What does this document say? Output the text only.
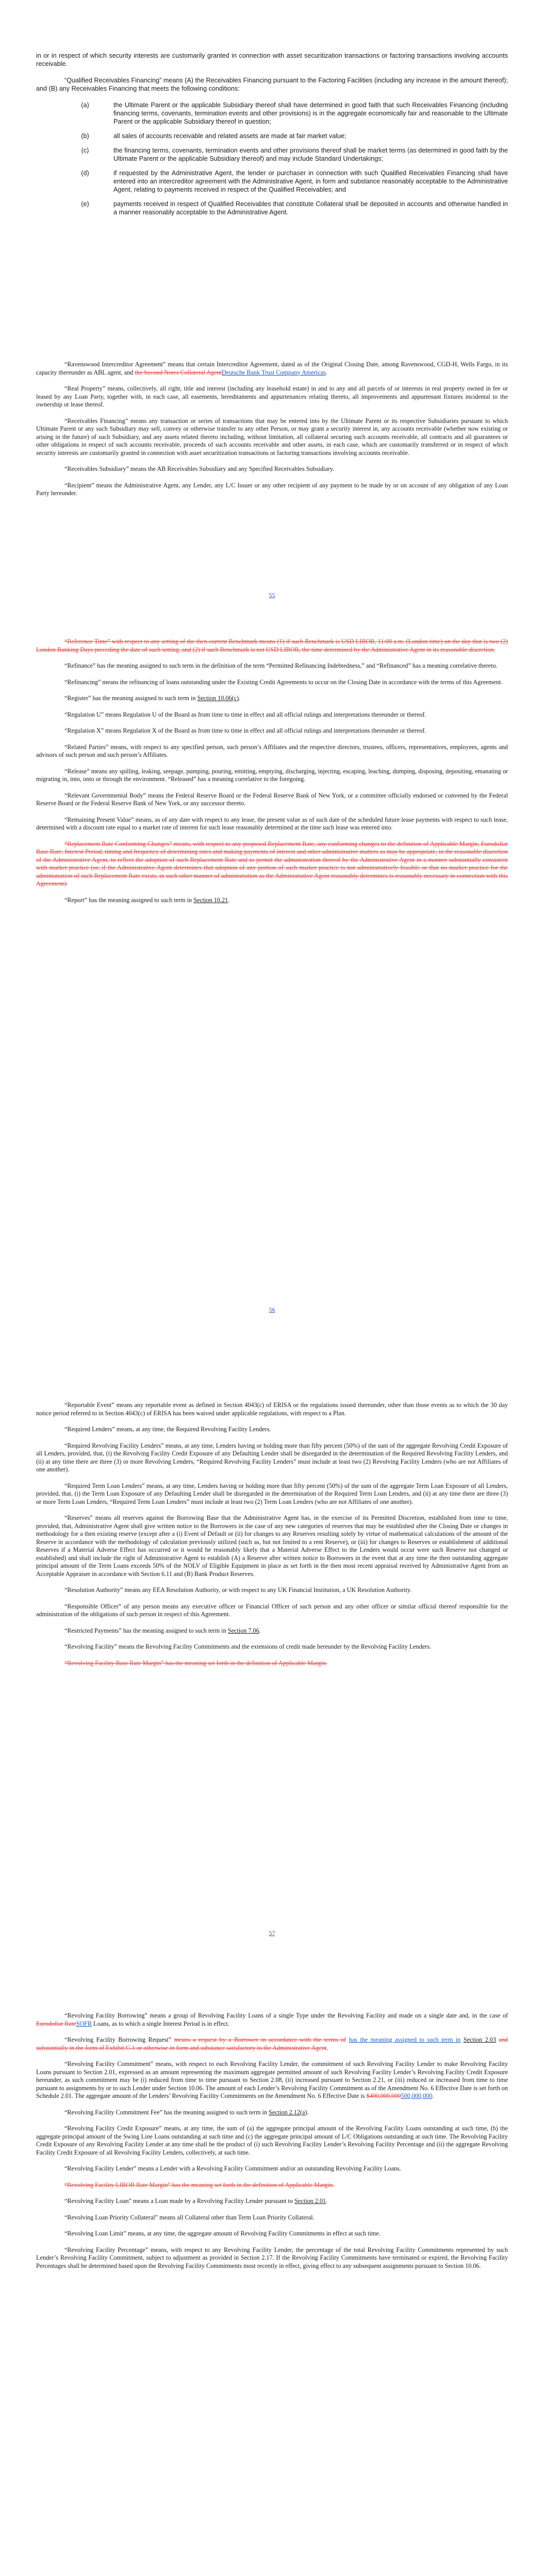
in or in respect of which security interests are customarily granted in connection with asset securitization transactions or factoring transactions involving accounts receivable.

“Qualified Receivables Financing” means (A) the Receivables Financing pursuant to the Factoring Facilities (including any increase in the amount thereof); and (B) any Receivables Financing that meets the following conditions:

(a)	the Ultimate Parent or the applicable Subsidiary thereof shall have determined in good faith that such Receivables Financing (including financing terms, covenants, termination events and other provisions) is in the aggregate economically fair and reasonable to the Ultimate Parent or the applicable Subsidiary thereof in question;
(b)	all sales of accounts receivable and related assets are made at fair market value;
(c)	the financing terms, covenants, termination events and other provisions thereof shall be market terms (as determined in good faith by the Ultimate Parent or the applicable Subsidiary thereof) and may include Standard Undertakings;
(d)	if requested by the Administrative Agent, the lender or purchaser in connection with such Qualified Receivables Financing shall have entered into an intercreditor agreement with the Administrative Agent, in form and substance reasonably acceptable to the Administrative Agent, relating to payments received in respect of the Qualified Receivables; and
(e)	payments received in respect of Qualified Receivables that constitute Collateral shall be deposited in accounts and otherwise handled in a manner reasonably acceptable to the Administrative Agent.

“Ravenswood Intercreditor Agreement” means that certain Intercreditor Agreement, dated as of the Original Closing Date, among Ravenswood, CGD-H, Wells Fargo, in its capacity thereunder as ABL agent, and the Second Notes Collateral AgentDeutsche Bank Trust Company Americas.

“Real Property” means, collectively, all right, title and interest (including any leasehold estate) in and to any and all parcels of or interests in real property owned in fee or leased by any Loan Party, together with, in each case, all easements, hereditaments and appurtenances relating thereto, all improvements and appurtenant fixtures incidental to the ownership or lease thereof.

“Receivables Financing” means any transaction or series of transactions that may be entered into by the Ultimate Parent or its respective Subsidiaries pursuant to which Ultimate Parent or any such Subsidiary may sell, convey or otherwise transfer to any other Person, or may grant a security interest in, any accounts receivable (whether now existing or arising in the future) of such Subsidiary, and any assets related thereto including, without limitation, all collateral securing such accounts receivable, all contracts and all guarantees or other obligations in respect of such accounts receivable, proceeds of such accounts receivable and other assets, in each case, which are customarily transferred or in respect of which security interests are customarily granted in connection with asset securitization transactions or factoring transactions involving accounts receivable.

“Receivables Subsidiary” means the AB Receivables Subsidiary and any Specified Receivables Subsidiary.

“Recipient” means the Administrative Agent, any Lender, any L/C Issuer or any other recipient of any payment to be made by or on account of any obligation of any Loan Party hereunder.

55

“Reference Time” with respect to any setting of the then-current Benchmark means (1) if such Benchmark is USD LIBOR, 11:00 a.m. (London time) on the day that is two (2) London Banking Days preceding the date of such setting, and (2) if such Benchmark is not USD LIBOR, the time determined by the Administrative Agent in its reasonable discretion.

“Refinance” has the meaning assigned to such term in the definition of the term “Permitted Refinancing Indebtedness,” and “Refinanced” has a meaning correlative thereto.

“Refinancing” means the refinancing of loans outstanding under the Existing Credit Agreements to occur on the Closing Date in accordance with the terms of this Agreement.

“Register” has the meaning assigned to such term in Section 10.06(c).

“Regulation U” means Regulation U of the Board as from time to time in effect and all official rulings and interpretations thereunder or thereof.

“Regulation X” means Regulation X of the Board as from time to time in effect and all official rulings and interpretations thereunder or thereof.

“Related Parties” means, with respect to any specified person, such person’s Affiliates and the respective directors, trustees, officers, representatives, employees, agents and advisors of such person and such person’s Affiliates.

“Release” means any spilling, leaking, seepage, pumping, pouring, emitting, emptying, discharging, injecting, escaping, leaching, dumping, disposing, depositing, emanating or migrating in, into, onto or through the environment. “Released” has a meaning correlative to the foregoing.

“Relevant Governmental Body” means the Federal Reserve Board or the Federal Reserve Bank of New York, or a committee officially endorsed or convened by the Federal Reserve Board or the Federal Reserve Bank of New York, or any successor thereto.

“Remaining Present Value” means, as of any date with respect to any lease, the present value as of such date of the scheduled future lease payments with respect to such lease, determined with a discount rate equal to a market rate of interest for such lease reasonably determined at the time such lease was entered into.

“Replacement Rate Conforming Changes” means, with respect to any proposed Replacement Rate, any conforming changes to the definition of Applicable Margin, Eurodollar Base Rate, Interest Period, timing and frequency of determining rates and making payments of interest and other administrative matters as may be appropriate, in the reasonable discretion of the Administrative Agent, to reflect the adoption of such Replacement Rate and to permit the administration thereof by the Administrative Agent in a manner substantially consistent with market practice (or, if the Administrative Agent determines that adoption of any portion of such market practice is not administratively feasible or that no market practice for the administration of such Replacement Rate exists, in such other manner of administration as the Administrative Agent reasonably determines is reasonably necessary in connection with this Agreement).

“Report” has the meaning assigned to such term in Section 10.21.

56

“Reportable Event” means any reportable event as defined in Section 4043(c) of ERISA or the regulations issued thereunder, other than those events as to which the 30 day notice period referred to in Section 4043(c) of ERISA has been waived under applicable regulations, with respect to a Plan.

“Required Lenders” means, at any time, the Required Revolving Facility Lenders.

“Required Revolving Facility Lenders” means, at any time, Lenders having or holding more than fifty percent (50%) of the sum of the aggregate Revolving Credit Exposure of all Lenders, provided, that, (i) the Revolving Facility Credit Exposure of any Defaulting Lender shall be disregarded in the determination of the Required Revolving Facility Lenders, and (ii) at any time there are three (3) or more Revolving Lenders, “Required Revolving Facility Lenders” must include at least two (2) Revolving Facility Lenders (who are not Affiliates of one another).

“Required Term Loan Lenders” means, at any time, Lenders having or holding more than fifty percent (50%) of the sum of the aggregate Term Loan Exposure of all Lenders, provided, that, (i) the Term Loan Exposure of any Defaulting Lender shall be disregarded in the determination of the Required Term Loan Lenders, and (ii) at any time there are three (3) or more Term Loan Lenders, “Required Term Loan Lenders” must include at least two (2) Term Loan Lenders (who are not Affiliates of one another).

“Reserves” means all reserves against the Borrowing Base that the Administrative Agent has, in the exercise of its Permitted Discretion, established from time to time, provided, that, Administrative Agent shall give written notice to the Borrowers in the case of any new categories of reserves that may be established after the Closing Date or changes in methodology for a then existing reserve (except after a (i) Event of Default or (ii) for changes to any Reserves resulting solely by virtue of mathematical calculations of the amount of the Reserve in accordance with the methodology of calculation previously utilized (such as, but not limited to a rent Reserve), or (iii) for changes to Reserves or establishment of additional Reserves if a Material Adverse Effect has occurred or it would be reasonably likely that a Material Adverse Effect to the Lenders would occur were such Reserve not changed or established) and shall include the right of Administrative Agent to establish (A) a Reserve after written notice to Borrowers in the event that at any time the then outstanding aggregate principal amount of the Term Loans exceeds 50% of the NOLV of Eligible Equipment in place as set forth in the then most recent appraisal received by Administrative Agent from an Acceptable Appraiser in accordance with Section 6.11 and (B) Bank Product Reserves.

“Resolution Authority” means any EEA Resolution Authority, or with respect to any UK Financial Institution, a UK Resolution Authority.

“Responsible Officer” of any person means any executive officer or Financial Officer of such person and any other officer or similar official thereof responsible for the administration of the obligations of such person in respect of this Agreement.

“Restricted Payments” has the meaning assigned to such term in Section 7.06.

“Revolving Facility” means the Revolving Facility Commitments and the extensions of credit made hereunder by the Revolving Facility Lenders.

“Revolving Facility Base Rate Margin” has the meaning set forth in the definition of Applicable Margin.

57

“Revolving Facility Borrowing” means a group of Revolving Facility Loans of a single Type under the Revolving Facility and made on a single date and, in the case of Eurodollar RateSOFR Loans, as to which a single Interest Period is in effect.

“Revolving Facility Borrowing Request” means a request by a Borrower in accordance with the terms of has the meaning assigned to such term in Section 2.03 and substantially in the form of Exhibit C-1 or otherwise in form and substance satisfactory to the Administrative Agent.

“Revolving Facility Commitment” means, with respect to each Revolving Facility Lender, the commitment of such Revolving Facility Lender to make Revolving Facility Loans pursuant to Section 2.01, expressed as an amount representing the maximum aggregate permitted amount of such Revolving Facility Lender’s Revolving Facility Credit Exposure hereunder, as such commitment may be (i) reduced from time to time pursuant to Section 2.08, (ii) increased pursuant to Section 2.21, or (iii) reduced or increased from time to time pursuant to assignments by or to such Lender under Section 10.06. The amount of each Lender’s Revolving Facility Commitment as of the Amendment No. 6 Effective Date is set forth on Schedule 2.01. The aggregate amount of the Lenders’ Revolving Facility Commitments on the Amendment No. 6 Effective Date is $400,000,000500,000,000.

“Revolving Facility Commitment Fee” has the meaning assigned to such term in Section 2.12(a).

“Revolving Facility Credit Exposure” means, at any time, the sum of (a) the aggregate principal amount of the Revolving Facility Loans outstanding at such time, (b) the aggregate principal amount of the Swing Line Loans outstanding at such time and (c) the aggregate principal amount of L/C Obligations outstanding at such time. The Revolving Facility Credit Exposure of any Revolving Facility Lender at any time shall be the product of (i) such Revolving Facility Lender’s Revolving Facility Percentage and (ii) the aggregate Revolving Facility Credit Exposure of all Revolving Facility Lenders, collectively, at such time.

“Revolving Facility Lender” means a Lender with a Revolving Facility Commitment and/or an outstanding Revolving Facility Loans.

“Revolving Facility LIBOR Rate Margin” has the meaning set forth in the definition of Applicable Margin.

“Revolving Facility Loan” means a Loan made by a Revolving Facility Lender pursuant to Section 2.01.

“Revolving Loan Priority Collateral” means all Collateral other than Term Loan Priority Collateral.

“Revolving Loan Limit” means, at any time, the aggregate amount of Revolving Facility Commitments in effect at such time.

“Revolving Facility Percentage” means, with respect to any Revolving Facility Lender, the percentage of the total Revolving Facility Commitments represented by such Lender’s Revolving Facility Commitment, subject to adjustment as provided in Section 2.17. If the Revolving Facility Commitments have terminated or expired, the Revolving Facility Percentages shall be determined based upon the Revolving Facility Commitments most recently in effect, giving effect to any subsequent assignments pursuant to Section 10.06.
